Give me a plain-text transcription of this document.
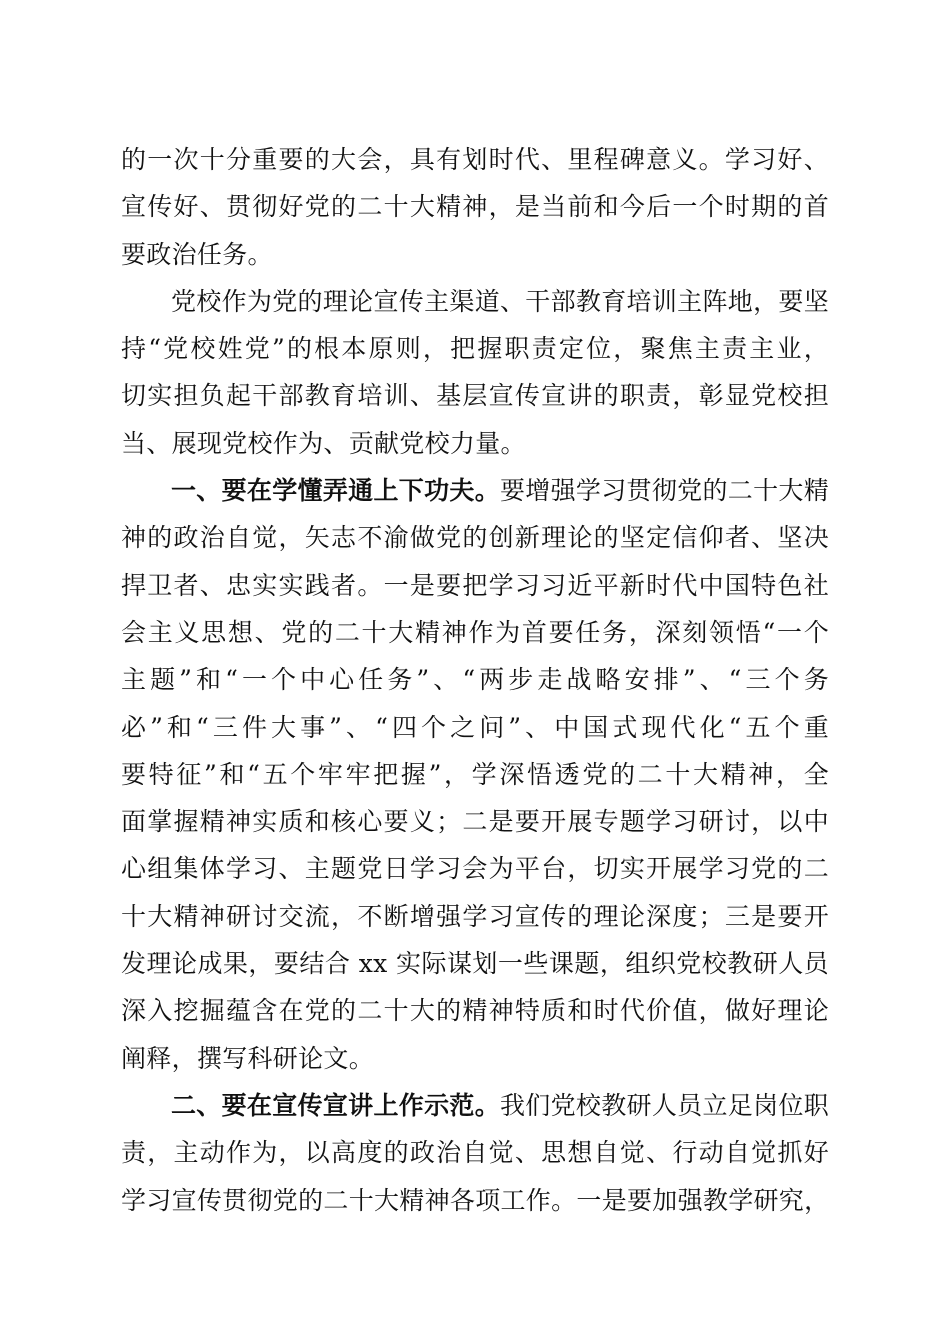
的一次十分重要的大会，具有划时代、里程碑意义。学习好、
宣传好、贯彻好党的二十大精神，是当前和今后一个时期的首
要政治任务。
党校作为党的理论宣传主渠道、干部教育培训主阵地，要坚
持“党校姓党”的根本原则，把握职责定位，聚焦主责主业，
切实担负起干部教育培训、基层宣传宣讲的职责，彰显党校担
当、展现党校作为、贡献党校力量。
一、要在学懂弄通上下功夫。要增强学习贯彻党的二十大精
神的政治自觉，矢志不渝做党的创新理论的坚定信仰者、坚决
捍卫者、忠实实践者。一是要把学习习近平新时代中国特色社
会主义思想、党的二十大精神作为首要任务，深刻领悟“一个
主题”和“一个中心任务”、“两步走战略安排”、“三个务
必”和“三件大事”、“四个之问”、中国式现代化“五个重
要特征”和“五个牢牢把握”，学深悟透党的二十大精神，全
面掌握精神实质和核心要义；二是要开展专题学习研讨，以中
心组集体学习、主题党日学习会为平台，切实开展学习党的二
十大精神研讨交流，不断增强学习宣传的理论深度；三是要开
发理论成果，要结合 xx 实际谋划一些课题，组织党校教研人员
深入挖掘蕴含在党的二十大的精神特质和时代价值，做好理论
阐释，撰写科研论文。
二、要在宣传宣讲上作示范。我们党校教研人员立足岗位职
责，主动作为，以高度的政治自觉、思想自觉、行动自觉抓好
学习宣传贯彻党的二十大精神各项工作。一是要加强教学研究，
